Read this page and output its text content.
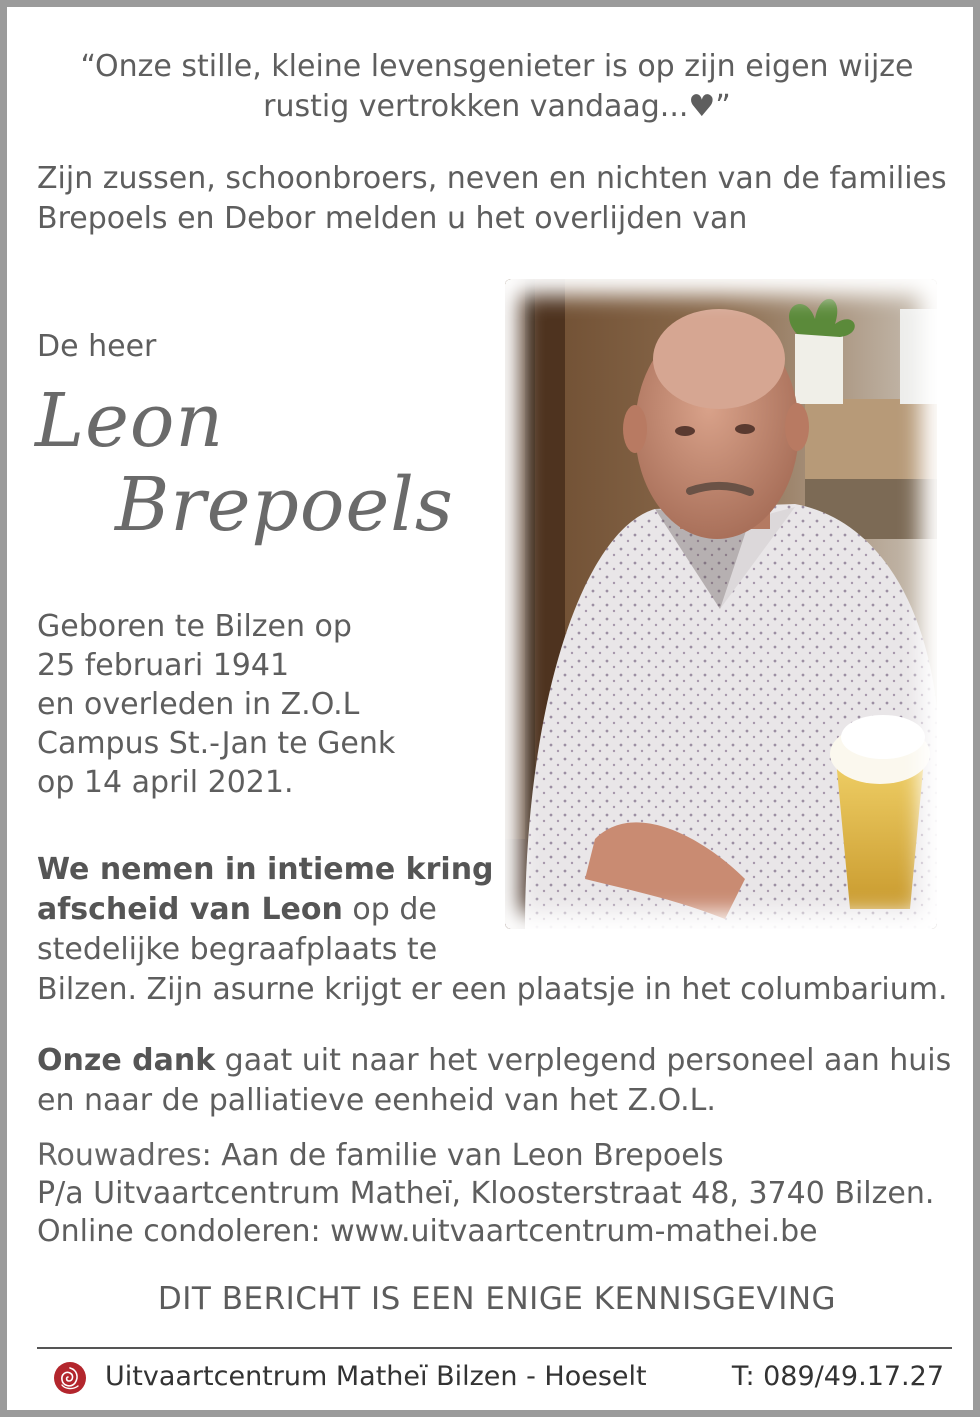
“Onze stille, kleine levensgenieter is op zijn eigen wijze
rustig vertrokken vandaag...♥”
Zijn zussen, schoonbroers, neven en nichten van de families
Brepoels en Debor melden u het overlijden van
De heer
Leon
Brepoels
Geboren te Bilzen op
25 februari 1941
en overleden in Z.O.L
Campus St.-Jan te Genk
op 14 april 2021.
We nemen in intieme kring
afscheid van Leon op de
stedelijke begraafplaats te
Bilzen. Zijn asurne krijgt er een plaatsje in het columbarium.
Onze dank gaat uit naar het verplegend personeel aan huis
en naar de palliatieve eenheid van het Z.O.L.
Rouwadres: Aan de familie van Leon Brepoels
P/a Uitvaartcentrum Matheï, Kloosterstraat 48, 3740 Bilzen.
Online condoleren: www.uitvaartcentrum-mathei.be
DIT BERICHT IS EEN ENIGE KENNISGEVING
Uitvaartcentrum Matheï Bilzen - Hoeselt	T: 089/49.17.27
